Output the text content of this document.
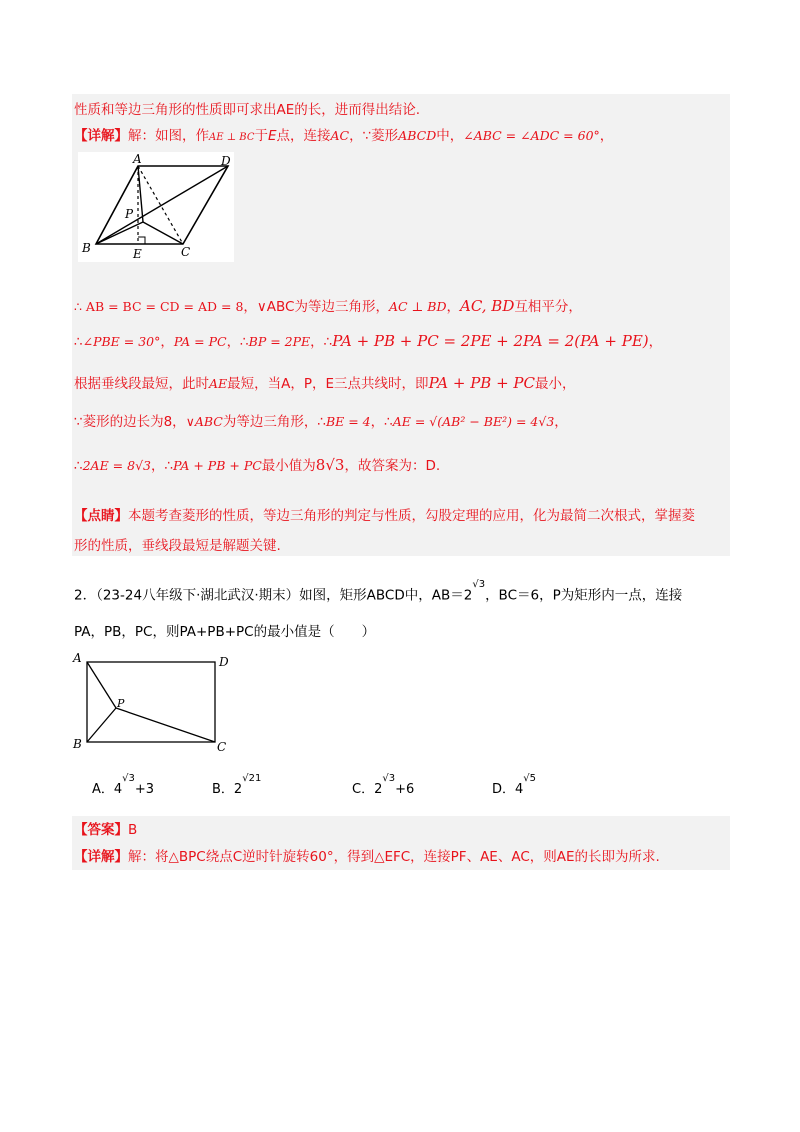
性质和等边三角形的性质即可求出AE的长，进而得出结论.
【详解】解：如图，作AE ⊥ BC于E点，连接AC，∵菱形ABCD中，∠ABC = ∠ADC = 60°，
A	D
P
B	E	C
∴ AB = BC = CD = AD = 8，∨ABC为等边三角形，AC ⊥ BD，AC, BD互相平分，
∴∠PBE = 30°，PA = PC，∴BP = 2PE，∴PA + PB + PC = 2PE + 2PA = 2(PA + PE)，
根据垂线段最短，此时AE最短，当A，P，E三点共线时，即PA + PB + PC最小，
∵菱形的边长为8，∨ABC为等边三角形，∴BE = 4，∴AE = √(AB² − BE²) = 4√3，
∴2AE = 8√3，∴PA + PB + PC最小值为8√3，故答案为：D.
【点睛】本题考查菱形的性质，等边三角形的判定与性质，勾股定理的应用，化为最简二次根式，掌握菱
形的性质，垂线段最短是解题关键.
2．（23-24八年级下·湖北武汉·期末）如图，矩形ABCD中，$AB=2^{√3}$，BC＝6，P为矩形内一点，连接
PA，PB，PC，则PA+PB+PC的最小值是（　　）
A	D
P
B	C
A．$4^{√3}+3$	B．$2^{√21}$
C．$2^{√3}+6$	D．$4^{√5}$
【答案】B
【详解】解：将△BPC绕点C逆时针旋转60°，得到△EFC，连接PF、AE、AC，则AE的长即为所求.
